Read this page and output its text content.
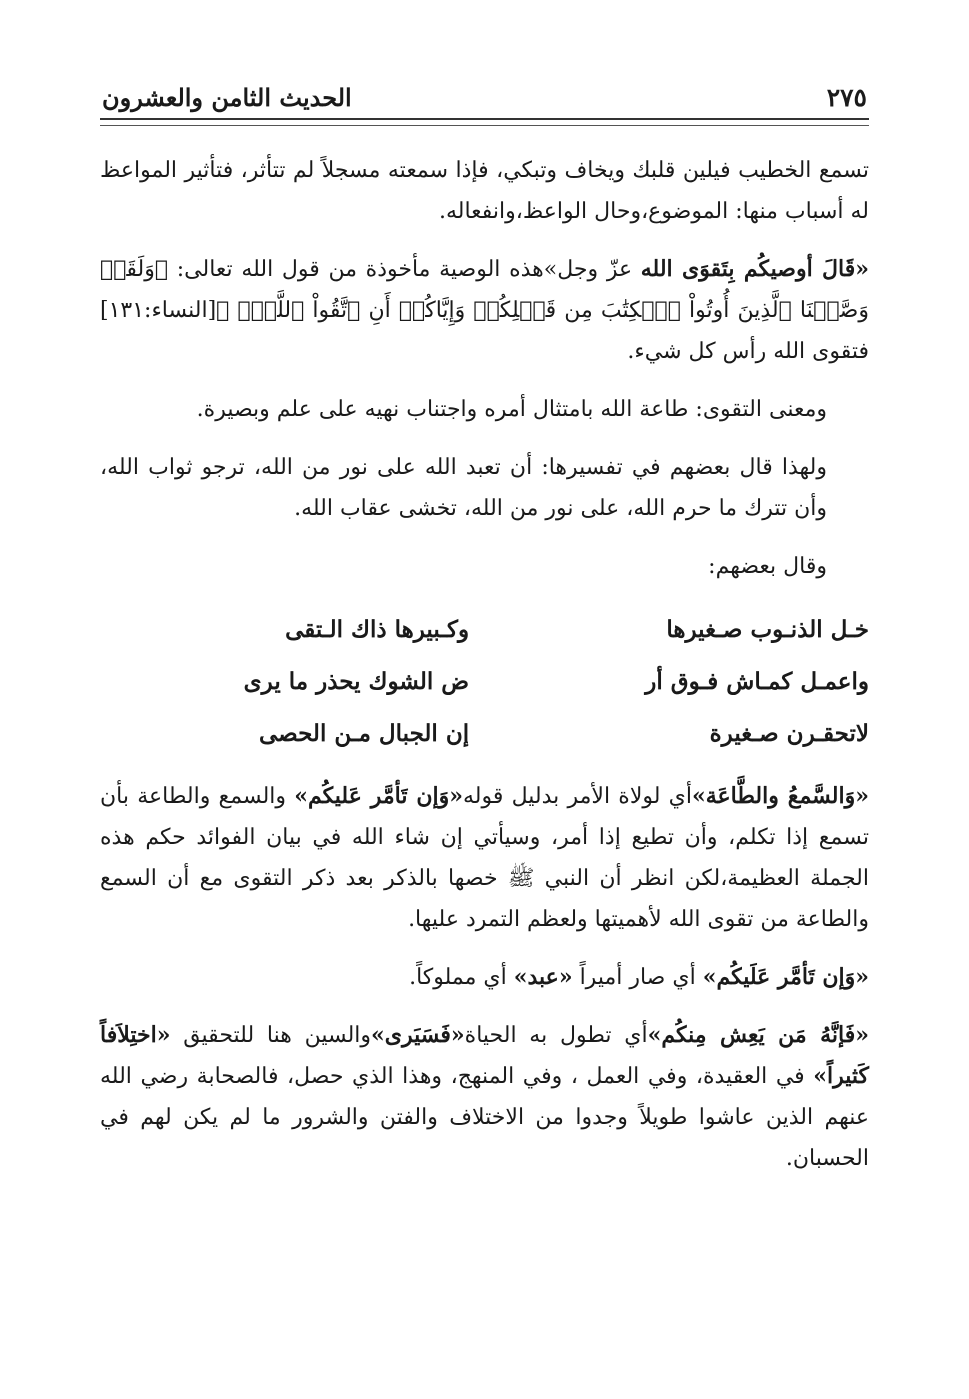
٢٧٥
الحديث الثامن والعشرون

تسمع الخطيب فيلين قلبك ويخاف وتبكي، فإذا سمعته مسجلاً لم تتأثر، فتأثير المواعظ له أسباب منها: الموضوع،وحال الواعظ،وانفعاله.

«قَالَ أوصيكُم بِتَقوَى الله عزّ وجل»هذه الوصية مأخوذة من قول الله تعالى: ﴿وَلَقَدۡ وَصَّيۡنَا ٱلَّذِينَ أُوتُواْ ٱلۡكِتَٰبَ مِن قَبۡلِكُمۡ وَإِيَّاكُمۡ أَنِ ٱتَّقُواْ ٱللَّهَۚ ﴾[النساء:١٣١] فتقوى الله رأس كل شيء.

ومعنى التقوى: طاعة الله بامتثال أمره واجتناب نهيه على علم وبصيرة.

ولهذا قال بعضهم في تفسيرها: أن تعبد الله على نور من الله، ترجو ثواب الله، وأن تترك ما حرم الله، على نور من الله، تخشى عقاب الله.

وقال بعضهم:

خـل الذنـوب صـغيرها
وكـبيرها ذاك الـتقى
واعمـل كمـاش فـوق أر
ض الشوك يحذر ما يرى
لاتحقـرن صـغيرة
إن الجبال مـن الحصى

«وَالسَّمعُ والطَّاعَة»أي لولاة الأمر بدليل قوله«وَإن تَأمَّر عَليكُم» والسمع والطاعة بأن تسمع إذا تكلم، وأن تطيع إذا أمر، وسيأتي إن شاء الله في بيان الفوائد حكم هذه الجملة العظيمة،لكن انظر أن النبي ﷺ خصها بالذكر بعد ذكر التقوى مع أن السمع والطاعة من تقوى الله لأهميتها ولعظم التمرد عليها.

«وَإن تَأمَّر عَلَيكُم» أي صار أميراً «عبد» أي مملوكاً.

«فَإنَّهُ مَن يَعِش مِنكُم»أي تطول به الحياة«فَسَيَرى»والسين هنا للتحقيق «اختِلاَفاً كَثيراً» في العقيدة، وفي العمل ، وفي المنهج، وهذا الذي حصل، فالصحابة رضي الله عنهم الذين عاشوا طويلاً وجدوا من الاختلاف والفتن والشرور ما لم يكن لهم في الحسبان.
